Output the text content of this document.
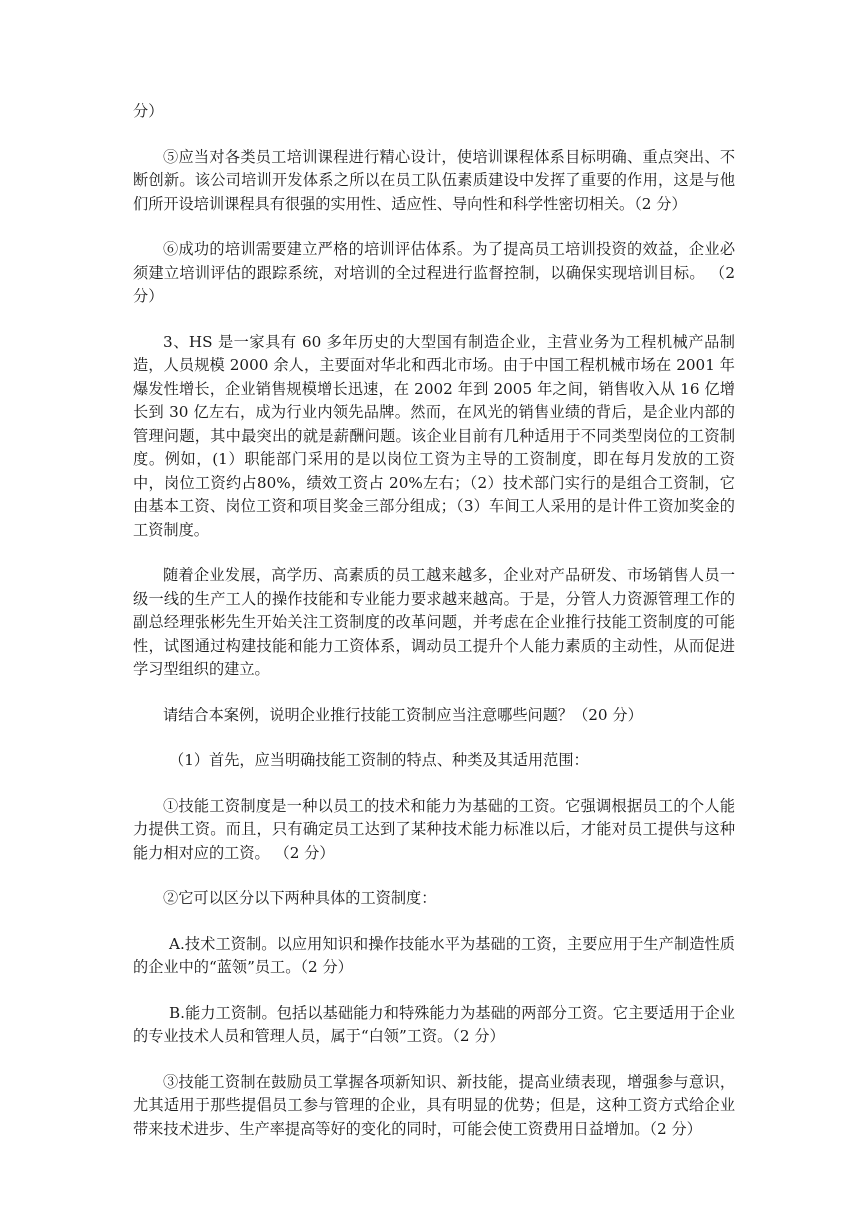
分）

⑤应当对各类员工培训课程进行精心设计，使培训课程体系目标明确、重点突出、不断创新。该公司培训开发体系之所以在员工队伍素质建设中发挥了重要的作用，这是与他们所开设培训课程具有很强的实用性、适应性、导向性和科学性密切相关。（2 分）

⑥成功的培训需要建立严格的培训评估体系。为了提高员工培训投资的效益，企业必须建立培训评估的跟踪系统，对培训的全过程进行监督控制，以确保实现培训目标。 （2分）

3、HS 是一家具有 60 多年历史的大型国有制造企业，主营业务为工程机械产品制造，人员规模 2000 余人，主要面对华北和西北市场。由于中国工程机械市场在 2001 年爆发性增长，企业销售规模增长迅速，在 2002 年到 2005 年之间，销售收入从 16 亿增长到 30 亿左右，成为行业内领先品牌。然而，在风光的销售业绩的背后，是企业内部的管理问题，其中最突出的就是薪酬问题。该企业目前有几种适用于不同类型岗位的工资制度。例如，(1）职能部门采用的是以岗位工资为主导的工资制度，即在每月发放的工资中，岗位工资约占80%，绩效工资占 20%左右；（2）技术部门实行的是组合工资制，它由基本工资、岗位工资和项目奖金三部分组成；（3）车间工人采用的是计件工资加奖金的工资制度。

随着企业发展，高学历、高素质的员工越来越多，企业对产品研发、市场销售人员一级一线的生产工人的操作技能和专业能力要求越来越高。于是，分管人力资源管理工作的副总经理张彬先生开始关注工资制度的改革问题，并考虑在企业推行技能工资制度的可能性，试图通过构建技能和能力工资体系，调动员工提升个人能力素质的主动性，从而促进学习型组织的建立。

请结合本案例，说明企业推行技能工资制应当注意哪些问题？（20 分）

（1）首先，应当明确技能工资制的特点、种类及其适用范围：

①技能工资制度是一种以员工的技术和能力为基础的工资。它强调根据员工的个人能力提供工资。而且，只有确定员工达到了某种技术能力标准以后，才能对员工提供与这种能力相对应的工资。 （2 分）

②它可以区分以下两种具体的工资制度：

A.技术工资制。以应用知识和操作技能水平为基础的工资，主要应用于生产制造性质的企业中的“蓝领”员工。（2 分）

B.能力工资制。包括以基础能力和特殊能力为基础的两部分工资。它主要适用于企业的专业技术人员和管理人员，属于“白领”工资。（2 分）

③技能工资制在鼓励员工掌握各项新知识、新技能，提高业绩表现，增强参与意识，尤其适用于那些提倡员工参与管理的企业，具有明显的优势；但是，这种工资方式给企业带来技术进步、生产率提高等好的变化的同时，可能会使工资费用日益增加。（2 分）
